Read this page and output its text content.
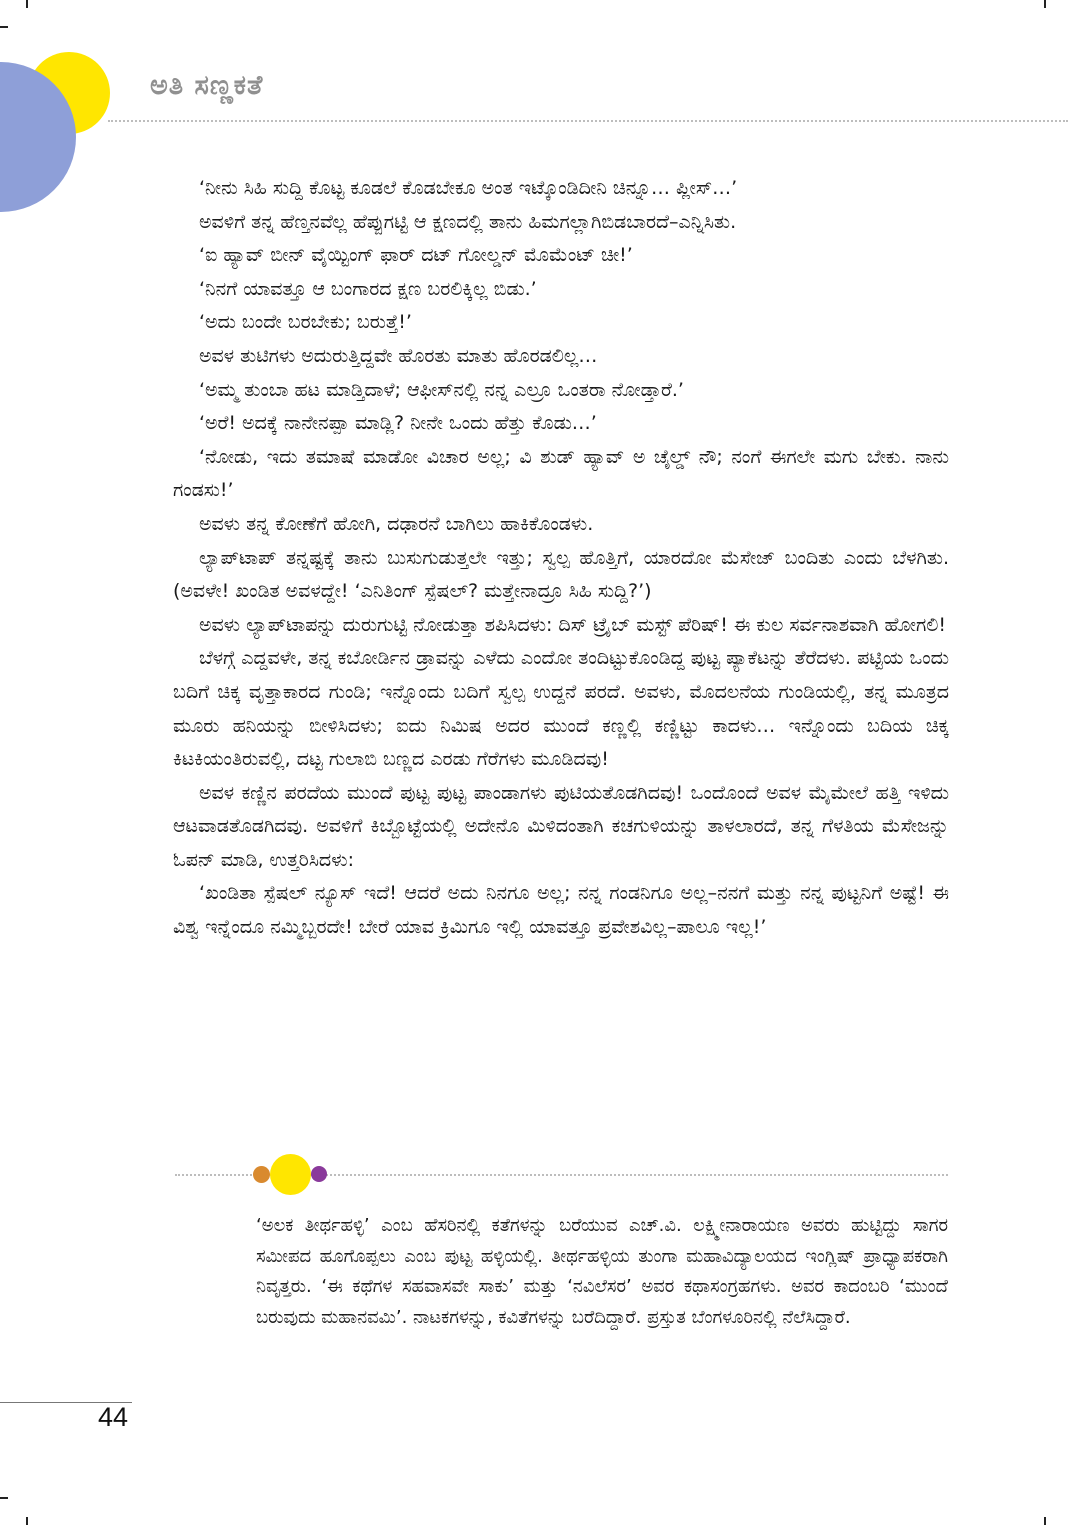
ಅತಿ ಸಣ್ಣಕತೆ

‘ನೀನು ಸಿಹಿ ಸುದ್ದಿ ಕೊಟ್ಟ ಕೂಡಲೆ ಕೊಡಬೇಕೂ ಅಂತ ಇಟ್ಕೊಂಡಿದೀನಿ ಚಿನ್ನೂ… ಪ್ಲೀಸ್…’

ಅವಳಿಗೆ ತನ್ನ ಹೆಣ್ತನವೆಲ್ಲ ಹೆಪ್ಪುಗಟ್ಟಿ ಆ ಕ್ಷಣದಲ್ಲಿ ತಾನು ಹಿಮಗಲ್ಲಾಗಿಬಿಡಬಾರದೆ–ಎನ್ನಿಸಿತು.

‘ಐ ಹ್ಯಾವ್ ಬೀನ್ ವೈಯ್ಟಿಂಗ್ ಫಾರ್ ದಟ್ ಗೋಲ್ಡನ್ ಮೊಮೆಂಟ್ ಚೀ!’

‘ನಿನಗೆ ಯಾವತ್ತೂ ಆ ಬಂಗಾರದ ಕ್ಷಣ ಬರಲಿಕ್ಕಿಲ್ಲ ಬಿಡು.’

‘ಅದು ಬಂದೇ ಬರಬೇಕು; ಬರುತ್ತೆ!’

ಅವಳ ತುಟಿಗಳು ಅದುರುತ್ತಿದ್ದವೇ ಹೊರತು ಮಾತು ಹೊರಡಲಿಲ್ಲ…

‘ಅಮ್ಮ ತುಂಬಾ ಹಟ ಮಾಡ್ತಿದಾಳೆ; ಆಫೀಸ್‌ನಲ್ಲಿ ನನ್ನ ಎಲ್ರೂ ಒಂತರಾ ನೋಡ್ತಾರೆ.’

‘ಅರೆ! ಅದಕ್ಕೆ ನಾನೇನಪ್ಪಾ ಮಾಡ್ಲಿ? ನೀನೇ ಒಂದು ಹೆತ್ತು ಕೊಡು…’

‘ನೋಡು, ಇದು ತಮಾಷೆ ಮಾಡೋ ವಿಚಾರ ಅಲ್ಲ; ವಿ ಶುಡ್ ಹ್ಯಾವ್ ಅ ಚೈಲ್ಡ್ ನೌ; ನಂಗೆ ಈಗಲೇ ಮಗು ಬೇಕು. ನಾನು ಗಂಡಸು!’

ಅವಳು ತನ್ನ ಕೋಣೆಗೆ ಹೋಗಿ, ದಢಾರನೆ ಬಾಗಿಲು ಹಾಕಿಕೊಂಡಳು.

ಲ್ಯಾಪ್‌ಟಾಪ್ ತನ್ನಷ್ಟಕ್ಕೆ ತಾನು ಬುಸುಗುಡುತ್ತಲೇ ಇತ್ತು; ಸ್ವಲ್ಪ ಹೊತ್ತಿಗೆ, ಯಾರದೋ ಮೆಸೇಜ್ ಬಂದಿತು ಎಂದು ಬೆಳಗಿತು. (ಅವಳೇ! ಖಂಡಿತ ಅವಳದ್ದೇ! ‘ಎನಿತಿಂಗ್ ಸ್ಪೆಷಲ್? ಮತ್ತೇನಾದ್ರೂ ಸಿಹಿ ಸುದ್ದಿ?’)

ಅವಳು ಲ್ಯಾಪ್‌ಟಾಪನ್ನು ದುರುಗುಟ್ಟಿ ನೋಡುತ್ತಾ ಶಪಿಸಿದಳು: ದಿಸ್ ಟ್ರೈಬ್ ಮಸ್ಟ್ ಪೆರಿಷ್! ಈ ಕುಲ ಸರ್ವನಾಶವಾಗಿ ಹೋಗಲಿ!

ಬೆಳಗ್ಗೆ ಎದ್ದವಳೇ, ತನ್ನ ಕಬೋರ್ಡಿನ ಡ್ರಾವನ್ನು ಎಳೆದು ಎಂದೋ ತಂದಿಟ್ಟುಕೊಂಡಿದ್ದ ಪುಟ್ಟ ಪ್ಯಾಕೆಟನ್ನು ತೆರೆದಳು. ಪಟ್ಟಿಯ ಒಂದು ಬದಿಗೆ ಚಿಕ್ಕ ವೃತ್ತಾಕಾರದ ಗುಂಡಿ; ಇನ್ನೊಂದು ಬದಿಗೆ ಸ್ವಲ್ಪ ಉದ್ದನೆ ಪರದೆ. ಅವಳು, ಮೊದಲನೆಯ ಗುಂಡಿಯಲ್ಲಿ, ತನ್ನ ಮೂತ್ರದ ಮೂರು ಹನಿಯನ್ನು ಬೀಳಿಸಿದಳು; ಐದು ನಿಮಿಷ ಅದರ ಮುಂದೆ ಕಣ್ಣಲ್ಲಿ ಕಣ್ಣಿಟ್ಟು ಕಾದಳು… ಇನ್ನೊಂದು ಬದಿಯ ಚಿಕ್ಕ ಕಿಟಕಿಯಂತಿರುವಲ್ಲಿ, ದಟ್ಟ ಗುಲಾಬಿ ಬಣ್ಣದ ಎರಡು ಗೆರೆಗಳು ಮೂಡಿದವು!

ಅವಳ ಕಣ್ಣಿನ ಪರದೆಯ ಮುಂದೆ ಪುಟ್ಟ ಪುಟ್ಟ ಪಾಂಡಾಗಳು ಪುಟಿಯತೊಡಗಿದವು! ಒಂದೊಂದೆ ಅವಳ ಮೈಮೇಲೆ ಹತ್ತಿ ಇಳಿದು ಆಟವಾಡತೊಡಗಿದವು. ಅವಳಿಗೆ ಕಿಬ್ಬೊಟ್ಟೆಯಲ್ಲಿ ಅದೇನೊ ಮಿಳಿದಂತಾಗಿ ಕಚಗುಳಿಯನ್ನು ತಾಳಲಾರದೆ, ತನ್ನ ಗೆಳತಿಯ ಮೆಸೇಜನ್ನು ಓಪನ್ ಮಾಡಿ, ಉತ್ತರಿಸಿದಳು:

‘ಖಂಡಿತಾ ಸ್ಪೆಷಲ್ ನ್ಯೂಸ್ ಇದೆ! ಆದರೆ ಅದು ನಿನಗೂ ಅಲ್ಲ; ನನ್ನ ಗಂಡನಿಗೂ ಅಲ್ಲ–ನನಗೆ ಮತ್ತು ನನ್ನ ಪುಟ್ಟನಿಗೆ ಅಷ್ಟೆ! ಈ ವಿಶ್ವ ಇನ್ನೆಂದೂ ನಮ್ಮಿಬ್ಬರದೇ! ಬೇರೆ ಯಾವ ಕ್ರಿಮಿಗೂ ಇಲ್ಲಿ ಯಾವತ್ತೂ ಪ್ರವೇಶವಿಲ್ಲ–ಪಾಲೂ ಇಲ್ಲ!’

‘ಅಲಕ ತೀರ್ಥಹಳ್ಳಿ’ ಎಂಬ ಹೆಸರಿನಲ್ಲಿ ಕತೆಗಳನ್ನು ಬರೆಯುವ ಎಚ್.ವಿ. ಲಕ್ಷ್ಮೀನಾರಾಯಣ ಅವರು ಹುಟ್ಟಿದ್ದು ಸಾಗರ ಸಮೀಪದ ಹೂಗೊಪ್ಪಲು ಎಂಬ ಪುಟ್ಟ ಹಳ್ಳಿಯಲ್ಲಿ. ತೀರ್ಥಹಳ್ಳಿಯ ತುಂಗಾ ಮಹಾವಿದ್ಯಾಲಯದ ಇಂಗ್ಲಿಷ್ ಪ್ರಾಧ್ಯಾಪಕರಾಗಿ ನಿವೃತ್ತರು. ‘ಈ ಕಥೆಗಳ ಸಹವಾಸವೇ ಸಾಕು’ ಮತ್ತು ‘ನವಿಲೆಸರ’ ಅವರ ಕಥಾಸಂಗ್ರಹಗಳು. ಅವರ ಕಾದಂಬರಿ ‘ಮುಂದೆ ಬರುವುದು ಮಹಾನವಮಿ’. ನಾಟಕಗಳನ್ನು, ಕವಿತೆಗಳನ್ನು ಬರೆದಿದ್ದಾರೆ. ಪ್ರಸ್ತುತ ಬೆಂಗಳೂರಿನಲ್ಲಿ ನೆಲೆಸಿದ್ದಾರೆ.

44
